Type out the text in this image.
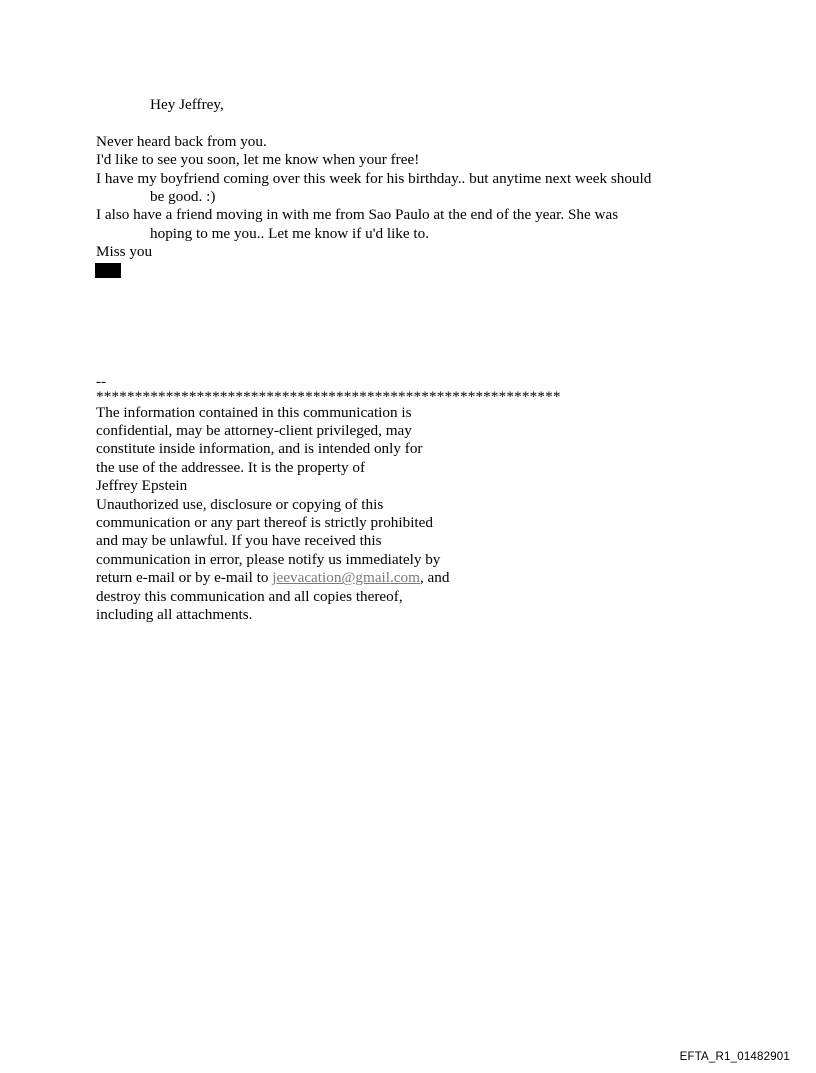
Hey Jeffrey,
Never heard back from you.
I'd like to see you soon, let me know when your free!
I have my boyfriend coming over this week for his birthday.. but anytime next week should be good. :)
I also have a friend moving in with me from Sao Paulo at the end of the year. She was hoping to me you.. Let me know if u'd like to.
Miss you
--
************************************************************
The information contained in this communication is
confidential, may be attorney-client privileged, may
constitute inside information, and is intended only for
the use of the addressee. It is the property of
Jeffrey Epstein
Unauthorized use, disclosure or copying of this
communication or any part thereof is strictly prohibited
and may be unlawful. If you have received this
communication in error, please notify us immediately by
return e-mail or by e-mail to jeevacation@gmail.com, and
destroy this communication and all copies thereof,
including all attachments.
EFTA_R1_01482901
